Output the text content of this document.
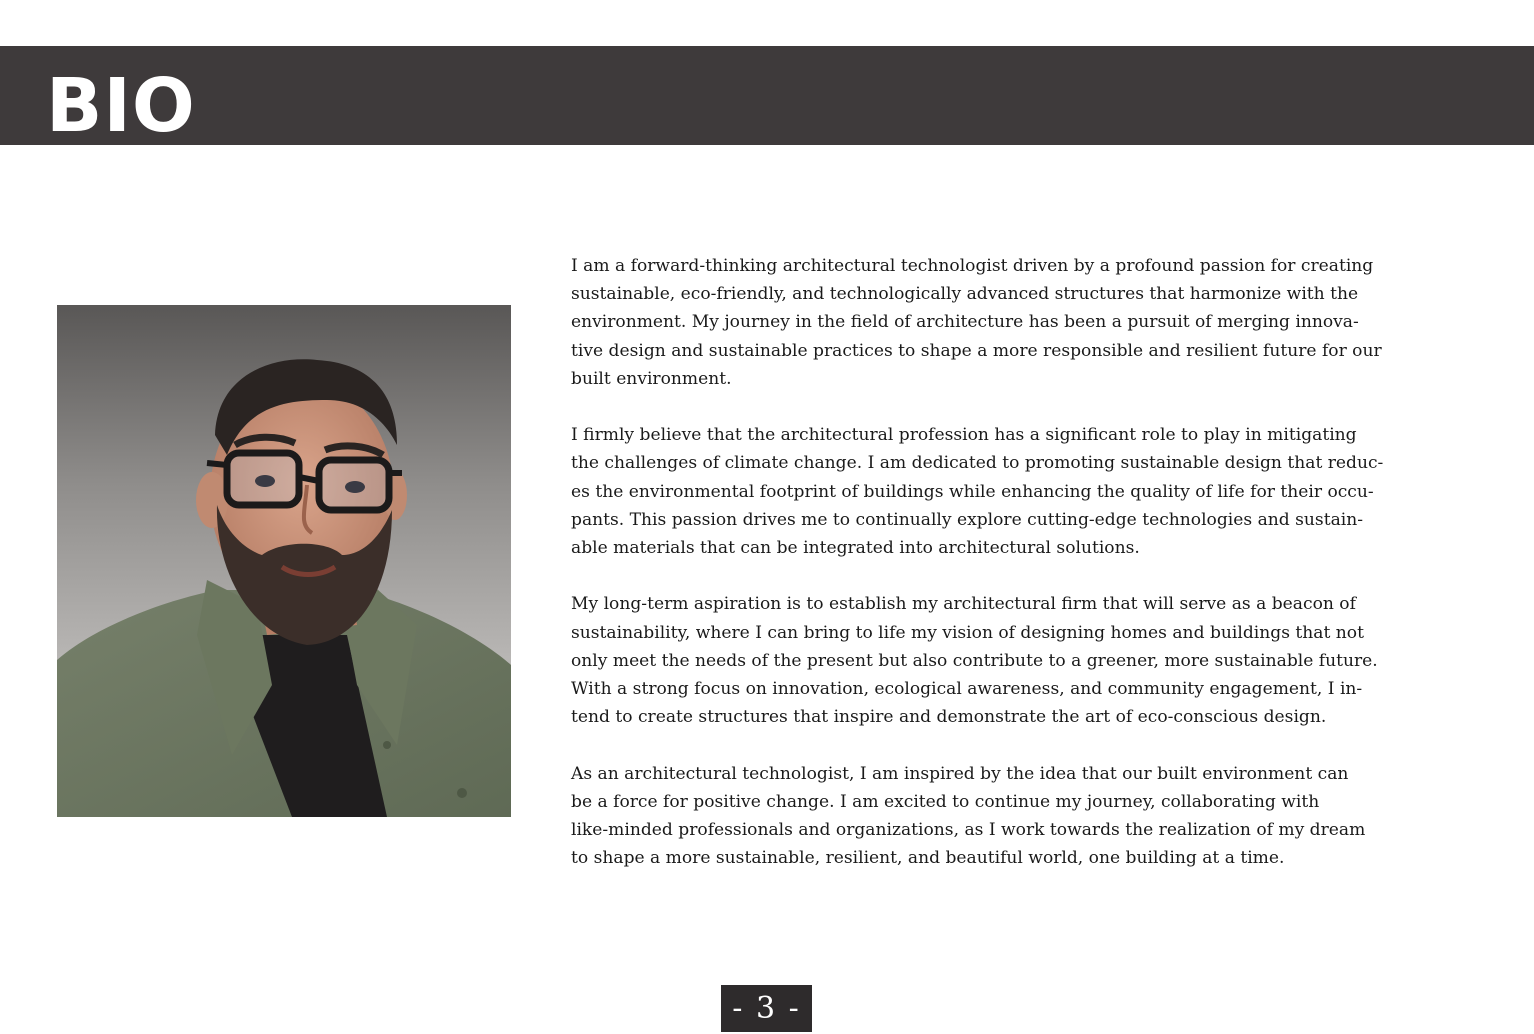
BIO

I am a forward-thinking architectural technologist driven by a profound passion for creating
sustainable, eco-friendly, and technologically advanced structures that harmonize with the
environment. My journey in the field of architecture has been a pursuit of merging innova-
tive design and sustainable practices to shape a more responsible and resilient future for our
built environment.

I firmly believe that the architectural profession has a significant role to play in mitigating
the challenges of climate change. I am dedicated to promoting sustainable design that reduc-
es the environmental footprint of buildings while enhancing the quality of life for their occu-
pants. This passion drives me to continually explore cutting-edge technologies and sustain-
able materials that can be integrated into architectural solutions.

My long-term aspiration is to establish my architectural firm that will serve as a beacon of
sustainability, where I can bring to life my vision of designing homes and buildings that not
only meet the needs of the present but also contribute to a greener, more sustainable future.
With a strong focus on innovation, ecological awareness, and community engagement, I in-
tend to create structures that inspire and demonstrate the art of eco-conscious design.

As an architectural technologist, I am inspired by the idea that our built environment can
be a force for positive change. I am excited to continue my journey, collaborating with
like-minded professionals and organizations, as I work towards the realization of my dream
to shape a more sustainable, resilient, and beautiful world, one building at a time.

- 3 -
